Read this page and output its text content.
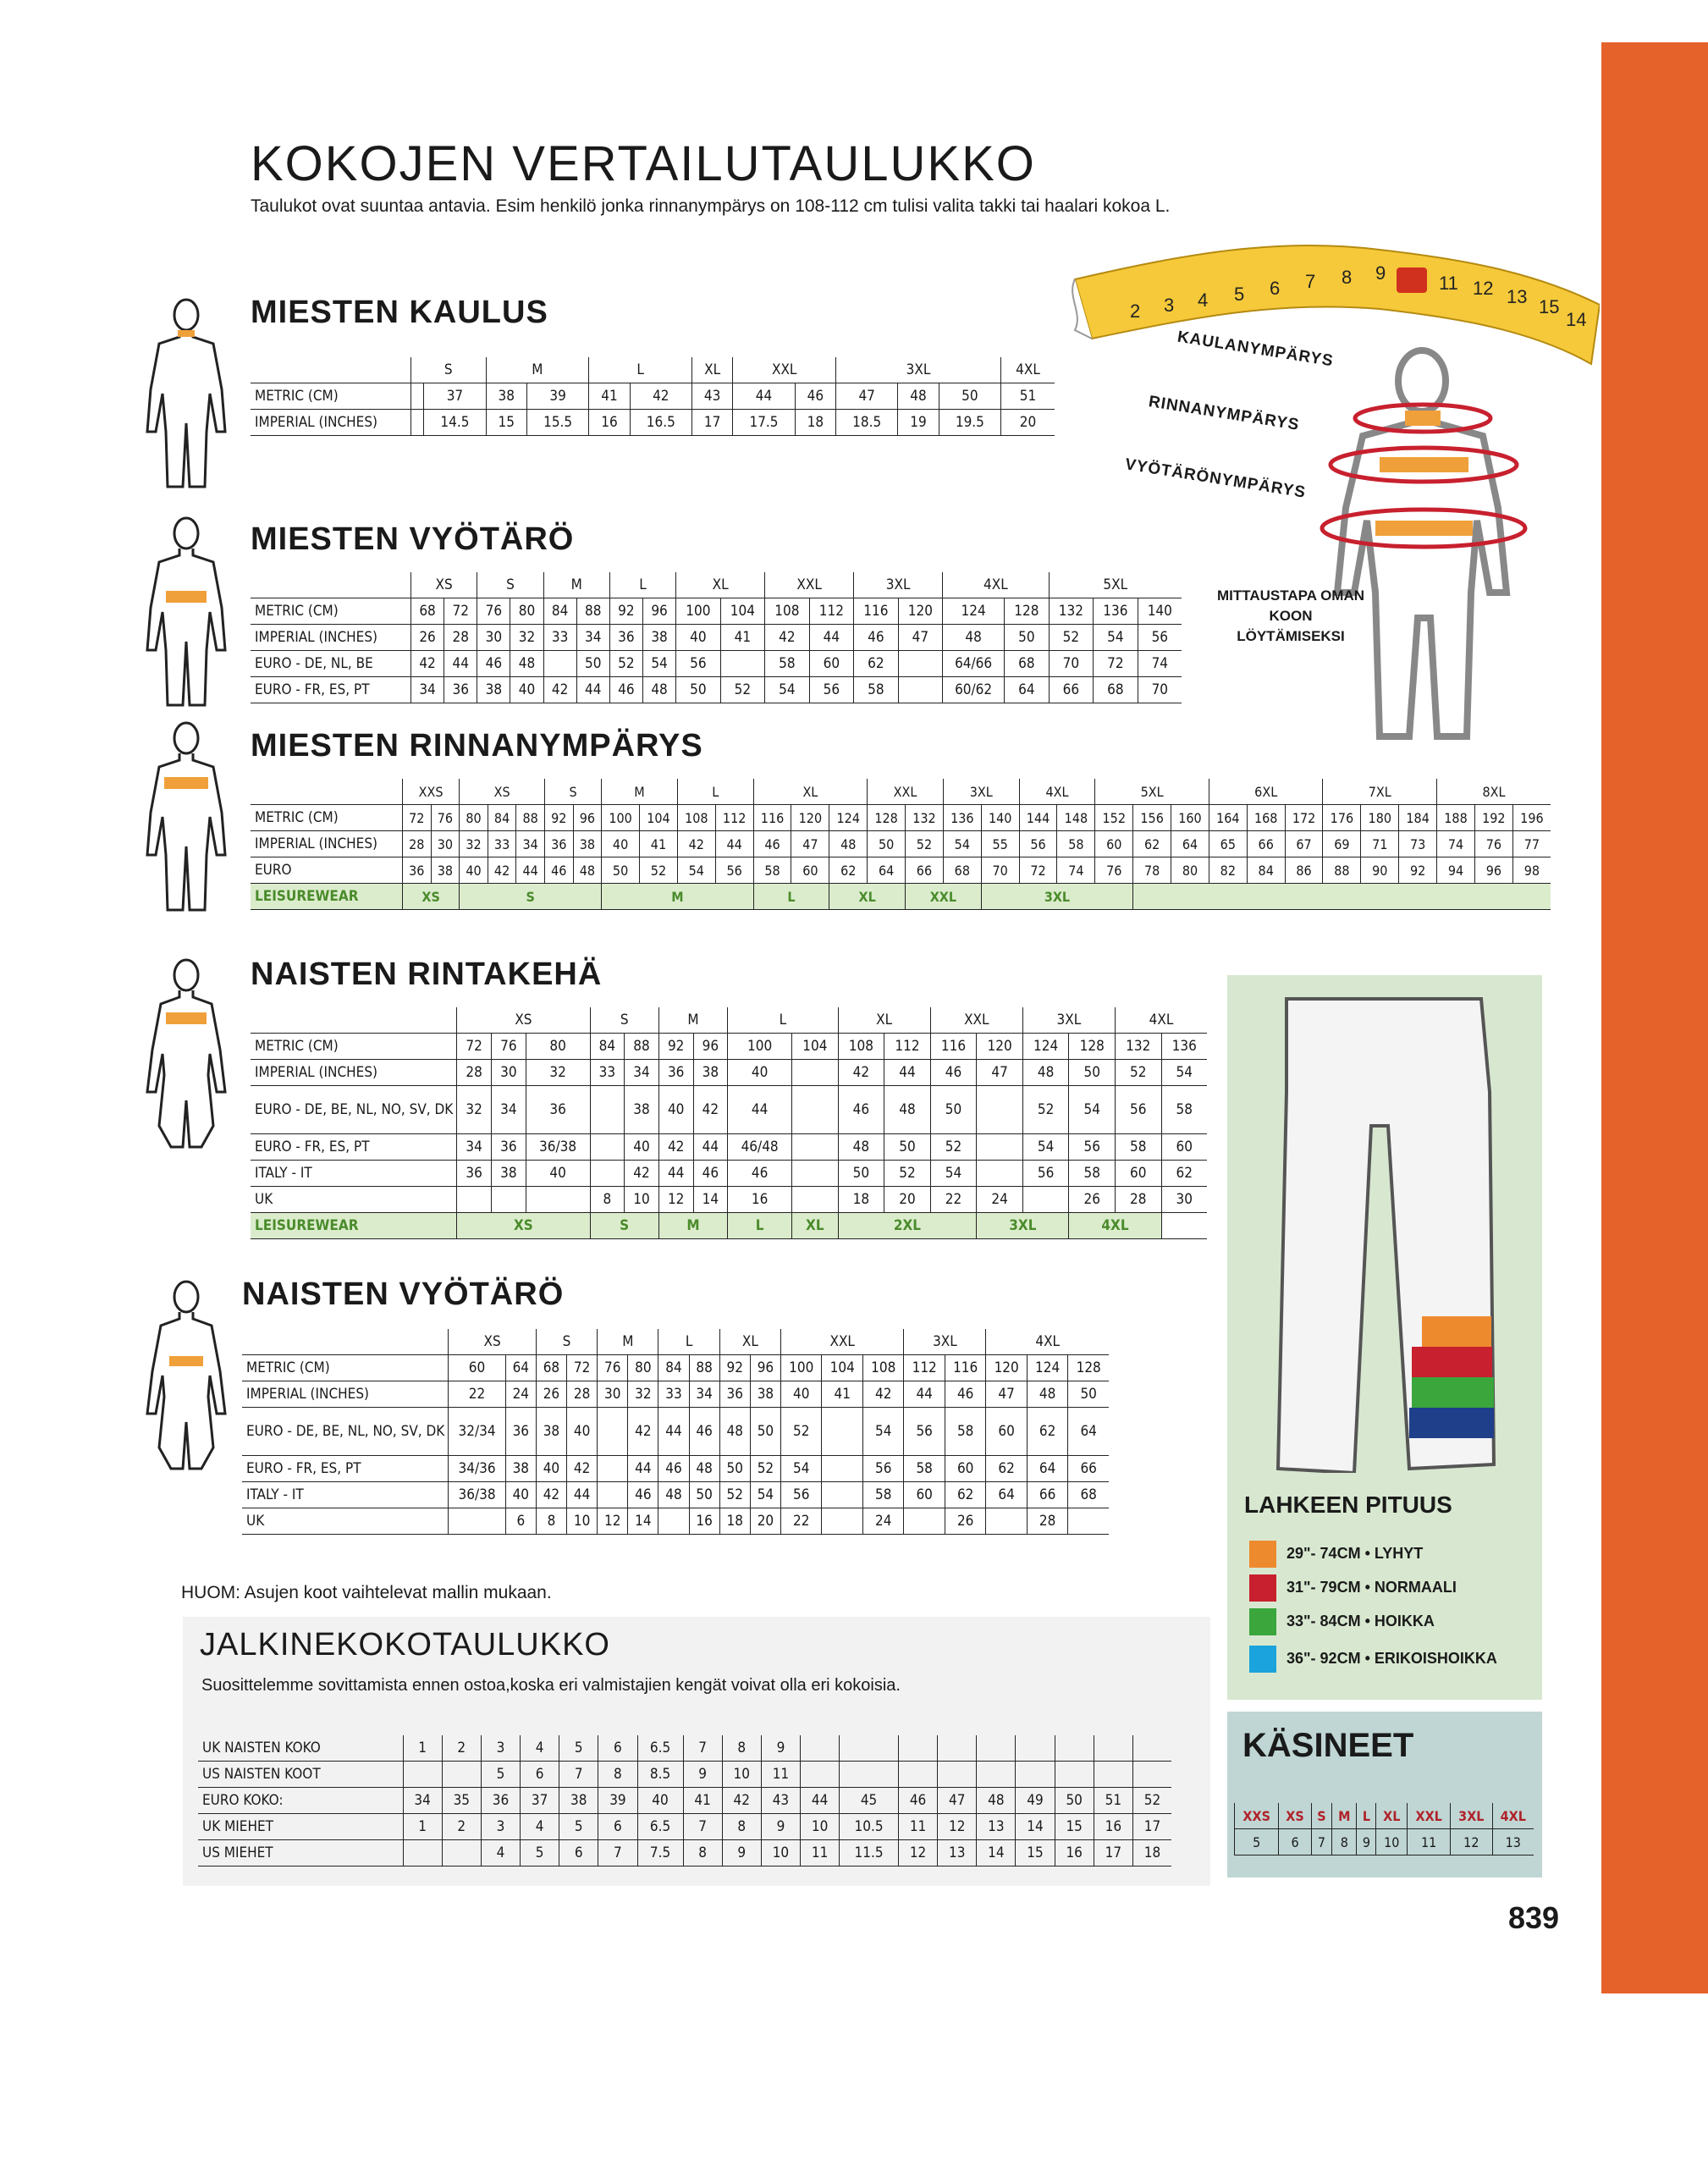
KOKOJEN VERTAILUTAULUKKO
Taulukot ovat suuntaa antavia. Esim henkilö jonka rinnanympärys on 108-112 cm tulisi valita takki tai haalari kokoa L.
2 3 4 5 6 7 8 9	11 12 13 15
14
KAULANYMPÄRYS
RINNANYMPÄRYS
VYÖTÄRÖNYMPÄRYS
MITTAUSTAPA OMAN KOON LÖYTÄMISEKSI
MIESTEN KAULUS
MIESTEN VYÖTÄRÖ
MIESTEN RINNANYMPÄRYS
NAISTEN RINTAKEHÄ
NAISTEN VYÖTÄRÖ
	S		M		L		XL	XXL		3XL			4XL
METRIC (CM)		37	38	39	41	42	43	44	46	47	48	50	51
IMPERIAL (INCHES)		14.5	15	15.5	16	16.5	17	17.5	18	18.5	19	19.5	20
	XS		S		M		L		XL		XXL		3XL		4XL		5XL		
METRIC (CM)	68	72	76	80	84	88	92	96	100	104	108	112	116	120	124	128	132	136	140
IMPERIAL (INCHES)	26	28	30	32	33	34	36	38	40	41	42	44	46	47	48	50	52	54	56
EURO - DE, NL, BE	42	44	46	48		50	52	54	56		58	60	62		64/66	68	70	72	74
EURO - FR, ES, PT	34	36	38	40	42	44	46	48	50	52	54	56	58		60/62	64	66	68	70
	XXS		XS			S		M		L		XL			XXL		3XL		4XL		5XL			6XL			7XL			8XL		
METRIC (CM)	72	76	80	84	88	92	96	100	104	108	112	116	120	124	128	132	136	140	144	148	152	156	160	164	168	172	176	180	184	188	192	196
IMPERIAL (INCHES)	28	30	32	33	34	36	38	40	41	42	44	46	47	48	50	52	54	55	56	58	60	62	64	65	66	67	69	71	73	74	76	77
EURO	36	38	40	42	44	46	48	50	52	54	56	58	60	62	64	66	68	70	72	74	76	78	80	82	84	86	88	90	92	94	96	98
LEISUREWEAR	XS		S					M				L		XL		XXL		3XL														
	XS			S		M		L		XL		XXL		3XL		4XL	
METRIC (CM)	72	76	80	84	88	92	96	100	104	108	112	116	120	124	128	132	136
IMPERIAL (INCHES)	28	30	32	33	34	36	38	40		42	44	46	47	48	50	52	54
EURO - DE, BE, NL, NO, SV, DK	32	34	36		38	40	42	44		46	48	50		52	54	56	58
EURO - FR, ES, PT	34	36	36/38		40	42	44	46/48		48	50	52		54	56	58	60
ITALY - IT	36	38	40		42	44	46	46		50	52	54		56	58	60	62
UK				8	10	12	14	16		18	20	22	24		26	28	30
LEISUREWEAR	XS			S		M		L	XL	2XL			3XL		4XL		
	XS		S		M		L		XL		XXL			3XL		4XL		
METRIC (CM)	60	64	68	72	76	80	84	88	92	96	100	104	108	112	116	120	124	128
IMPERIAL (INCHES)	22	24	26	28	30	32	33	34	36	38	40	41	42	44	46	47	48	50
EURO - DE, BE, NL, NO, SV, DK	32/34	36	38	40		42	44	46	48	50	52		54	56	58	60	62	64
EURO - FR, ES, PT	34/36	38	40	42		44	46	48	50	52	54		56	58	60	62	64	66
ITALY - IT	36/38	40	42	44		46	48	50	52	54	56		58	60	62	64	66	68
UK		6	8	10	12	14		16	18	20	22		24		26		28	
HUOM: Asujen koot vaihtelevat mallin mukaan.
JALKINEKOKOTAULUKKO
Suosittelemme sovittamista ennen ostoa,koska eri valmistajien kengät voivat olla eri kokoisia.
UK NAISTEN KOKO	1	2	3	4	5	6	6.5	7	8	9									
US NAISTEN KOOT			5	6	7	8	8.5	9	10	11									
EURO KOKO:	34	35	36	37	38	39	40	41	42	43	44	45	46	47	48	49	50	51	52
UK MIEHET	1	2	3	4	5	6	6.5	7	8	9	10	10.5	11	12	13	14	15	16	17
US MIEHET			4	5	6	7	7.5	8	9	10	11	11.5	12	13	14	15	16	17	18
LAHKEEN PITUUS
29"- 74CM • LYHYT
31"- 79CM • NORMAALI
33"- 84CM • HOIKKA
36"- 92CM • ERIKOISHOIKKA
KÄSINEET
XXS	XS	S	M	L	XL	XXL	3XL	4XL
5	6	7	8	9	10	11	12	13
839
